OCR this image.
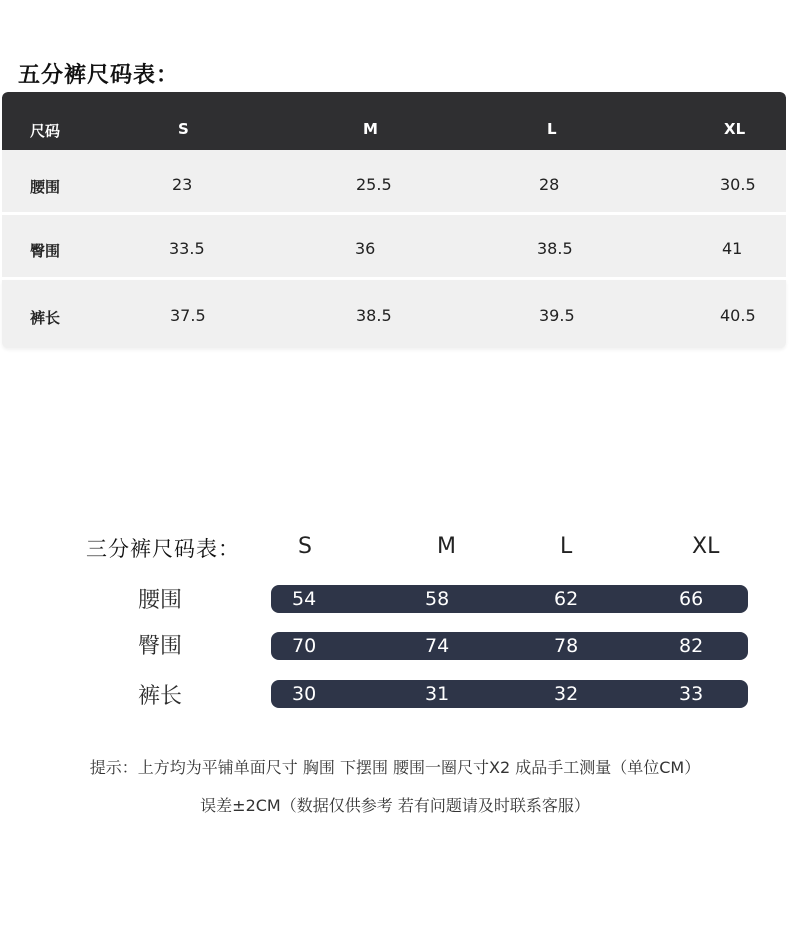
五分裤尺码表：
尺码	S	M	L	XL
腰围	23	25.5	28	30.5
臀围	33.5	36	38.5	41
裤长	37.5	38.5	39.5	40.5
三分裤尺码表：	S	M	L	XL
腰围	54	58	62	66
臀围	70	74	78	82
裤长	30	31	32	33
提示：上方均为平铺单面尺寸 胸围 下摆围 腰围一圈尺寸X2 成品手工测量（单位CM）
误差±2CM（数据仅供参考 若有问题请及时联系客服）
